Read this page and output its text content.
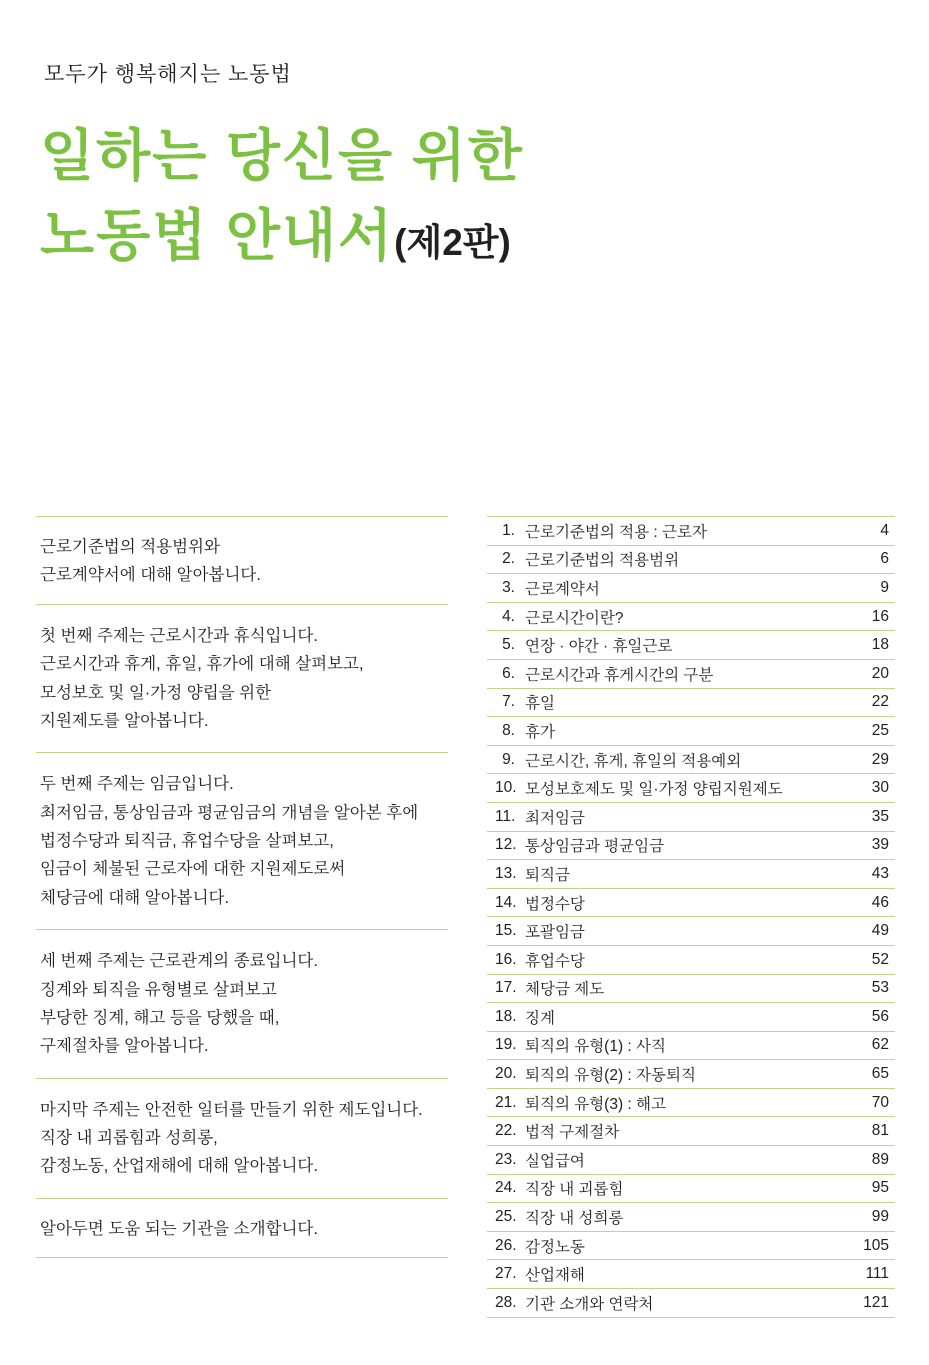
모두가 행복해지는 노동법

일하는 당신을 위한
노동법 안내서(제2판)
근로기준법의 적용범위와
근로계약서에 대해 알아봅니다.
첫 번째 주제는 근로시간과 휴식입니다.
근로시간과 휴게, 휴일, 휴가에 대해 살펴보고,
모성보호 및 일·가정 양립을 위한
지원제도를 알아봅니다.
두 번째 주제는 임금입니다.
최저임금, 통상임금과 평균임금의 개념을 알아본 후에
법정수당과 퇴직금, 휴업수당을 살펴보고,
임금이 체불된 근로자에 대한 지원제도로써
체당금에 대해 알아봅니다.
세 번째 주제는 근로관계의 종료입니다.
징계와 퇴직을 유형별로 살펴보고
부당한 징계, 해고 등을 당했을 때,
구제절차를 알아봅니다.
마지막 주제는 안전한 일터를 만들기 위한 제도입니다.
직장 내 괴롭힘과 성희롱,
감정노동, 산업재해에 대해 알아봅니다.
알아두면 도움 되는 기관을 소개합니다.
1. 근로기준법의 적용 : 근로자	4
2. 근로기준법의 적용범위	6
3. 근로계약서	9
4. 근로시간이란?	16
5. 연장 · 야간 · 휴일근로	18
6. 근로시간과 휴게시간의 구분	20
7. 휴일	22
8. 휴가	25
9. 근로시간, 휴게, 휴일의 적용예외	29
10. 모성보호제도 및 일·가정 양립지원제도	30
11. 최저임금	35
12. 통상임금과 평균임금	39
13. 퇴직금	43
14. 법정수당	46
15. 포괄임금	49
16. 휴업수당	52
17. 체당금 제도	53
18. 징계	56
19. 퇴직의 유형(1) : 사직	62
20. 퇴직의 유형(2) : 자동퇴직	65
21. 퇴직의 유형(3) : 해고	70
22. 법적 구제절차	81
23. 실업급여	89
24. 직장 내 괴롭힘	95
25. 직장 내 성희롱	99
26. 감정노동	105
27. 산업재해	111
28. 기관 소개와 연락처	121
